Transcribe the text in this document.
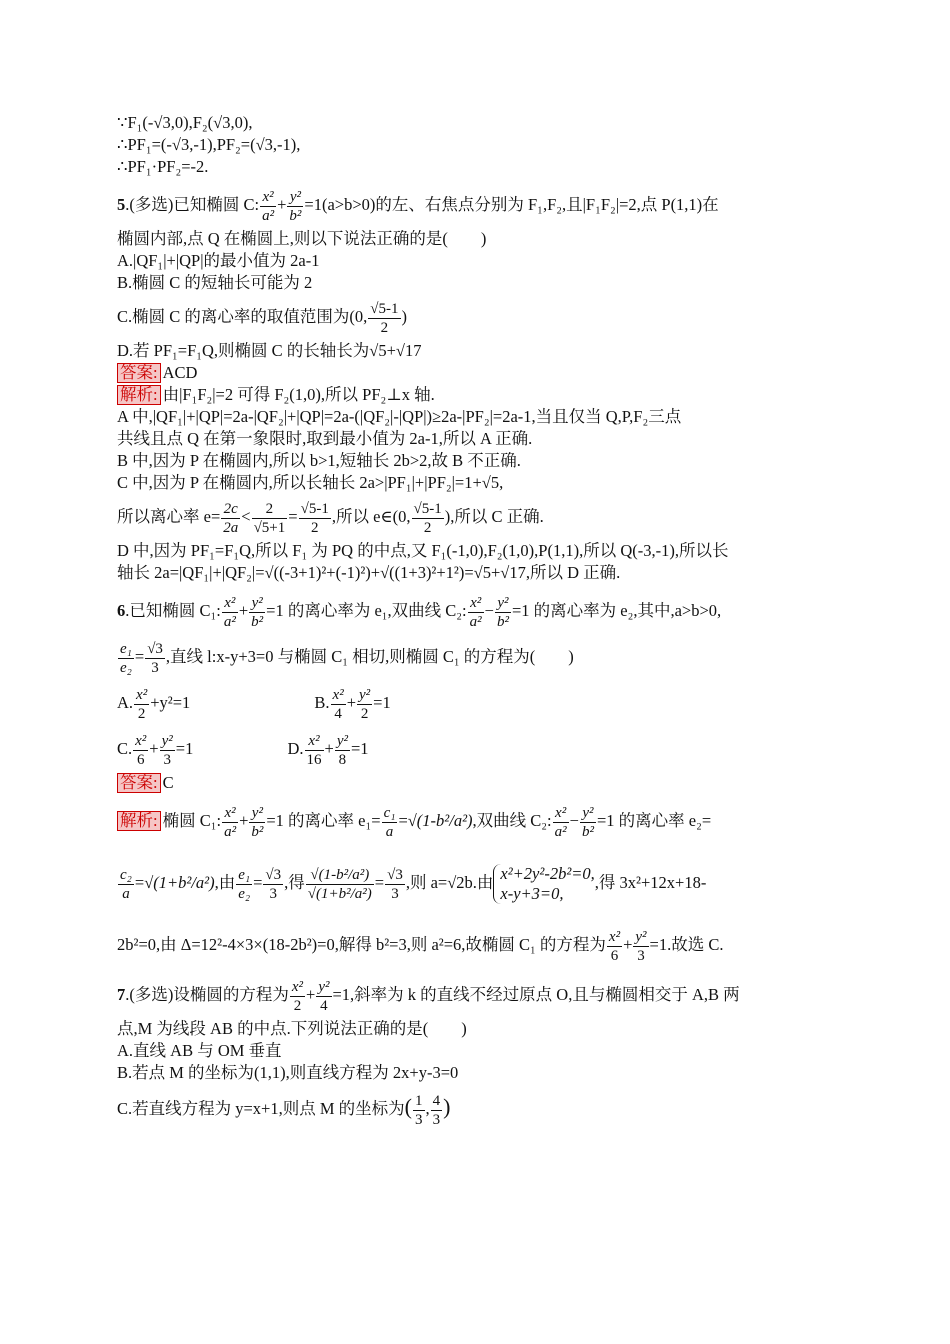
∵F₁(-√3,0),F₂(√3,0),
∴PF₁=(-√3,-1),PF₂=(√3,-1),
∴PF₁·PF₂=-2.
5.(多选)已知椭圆 C: $\frac{\text{x²}}{\text{a²}} + \frac{\text{y²}}{\text{b²}} =1(a>b>0)$的左、右焦点分别为 F₁,F₂,且|F₁F₂|=2,点 P(1,1)在
椭圆内部,点 Q 在椭圆上,则以下说法正确的是(　　)
A.|QF₁|+|QP|的最小值为 2a-1
B.椭圆 C 的短轴长可能为 2
C.椭圆 C 的离心率的取值范围为(0, $\frac{√5-1}{2}$ )
D.若 PF₁=F₁Q,则椭圆 C 的长轴长为√5+√17
答案: ACD
解析: 由|F₁F₂|=2 可得 F₂(1,0),所以 PF₂⊥x 轴.
A 中,|QF₁|+|QP|=2a-|QF₂|+|QP|=2a-(|QF₂|-|QP|)≥2a-|PF₂|=2a-1,当且仅当 Q,P,F₂三点
共线且点 Q 在第一象限时,取到最小值为 2a-1,所以 A 正确.
B 中,因为 P 在椭圆内,所以 b>1,短轴长 2b>2,故 B 不正确.
C 中,因为 P 在椭圆内,所以长轴长 2a>|PF₁|+|PF₂|=1+√5,
所以离心率 $e= \frac{2c}{2a} < \frac{2}{√5+1} = \frac{√5-1}{2}$ ,所以 e∈(0, $\frac{√5-1}{2}$ ),所以 C 正确.
D 中,因为 PF₁=F₁Q,所以 F₁ 为 PQ 的中点,又 F₁(-1,0),F₂(1,0),P(1,1),所以 Q(-3,-1),所以长
轴长 2a=|QF₁|+|QF₂|=√((-3+1)²+(-1)²)+√((1+3)²+1²)=√5+√17,所以 D 正确.
6.已知椭圆 C₁: $\frac{\text{x²}}{\text{a²}} + \frac{\text{y²}}{\text{b²}} =1$ 的离心率为 e₁,双曲线 C₂: $\frac{\text{x²}}{\text{a²}} - \frac{\text{y²}}{\text{b²}} =1$ 的离心率为 e₂,其中,a>b>0,
$\frac{\text{e₁}}{\text{e₂}} = \frac{√3}{3}$ ,直线 l:x-y+3=0 与椭圆 C₁ 相切,则椭圆 C₁ 的方程为(　　)
A. $\frac{\text{x²}}{2} +y^2=1$	B. $\frac{\text{x²}}{4} + \frac{\text{y²}}{2} =1$
C. $\frac{\text{x²}}{6} + \frac{\text{y²}}{3} =1$	D. $\frac{\text{x²}}{16} + \frac{\text{y²}}{8} =1$
答案: C
解析: 椭圆 C₁: $\frac{\text{x²}}{\text{a²}} + \frac{\text{y²}}{\text{b²}} =1$ 的离心率 $e_1= \frac{\text{c₁}}{a} =√(1-b^2/a^2)$,双曲线 C₂: $\frac{\text{x²}}{\text{a²}} - \frac{\text{y²}}{\text{b²}} =1$ 的离心率 e₂=
$\frac{\text{c₂}}{a} =√(1+b^2/a^2)$,由 $\frac{\text{e₁}}{\text{e₂}} = \frac{√3}{3}$ ,得 $\frac{\text{√(1-b²/a²)}}{\text{√(1+b²/a²)}} = \frac{√3}{3}$ ,则 a=√2b.由 x²+2y²-2b²=0,
x-y+3=0,
,得 3x²+12x+18-
2b²=0,由 Δ=12²-4×3×(18-2b²)=0,解得 b²=3,则 a²=6,故椭圆 C₁ 的方程为 $\frac{\text{x²}}{6} + \frac{\text{y²}}{3} =1$.故选 C.
7.(多选)设椭圆的方程为 $\frac{\text{x²}}{2} + \frac{\text{y²}}{4} =1$,斜率为 k 的直线不经过原点 O,且与椭圆相交于 A,B 两
点,M 为线段 AB 的中点.下列说法正确的是(　　)
A.直线 AB 与 OM 垂直
B.若点 M 的坐标为(1,1),则直线方程为 2x+y-3=0
C.若直线方程为 y=x+1,则点 M 的坐标为( $\frac{1}{3}$ , $\frac{4}{3}$ )
